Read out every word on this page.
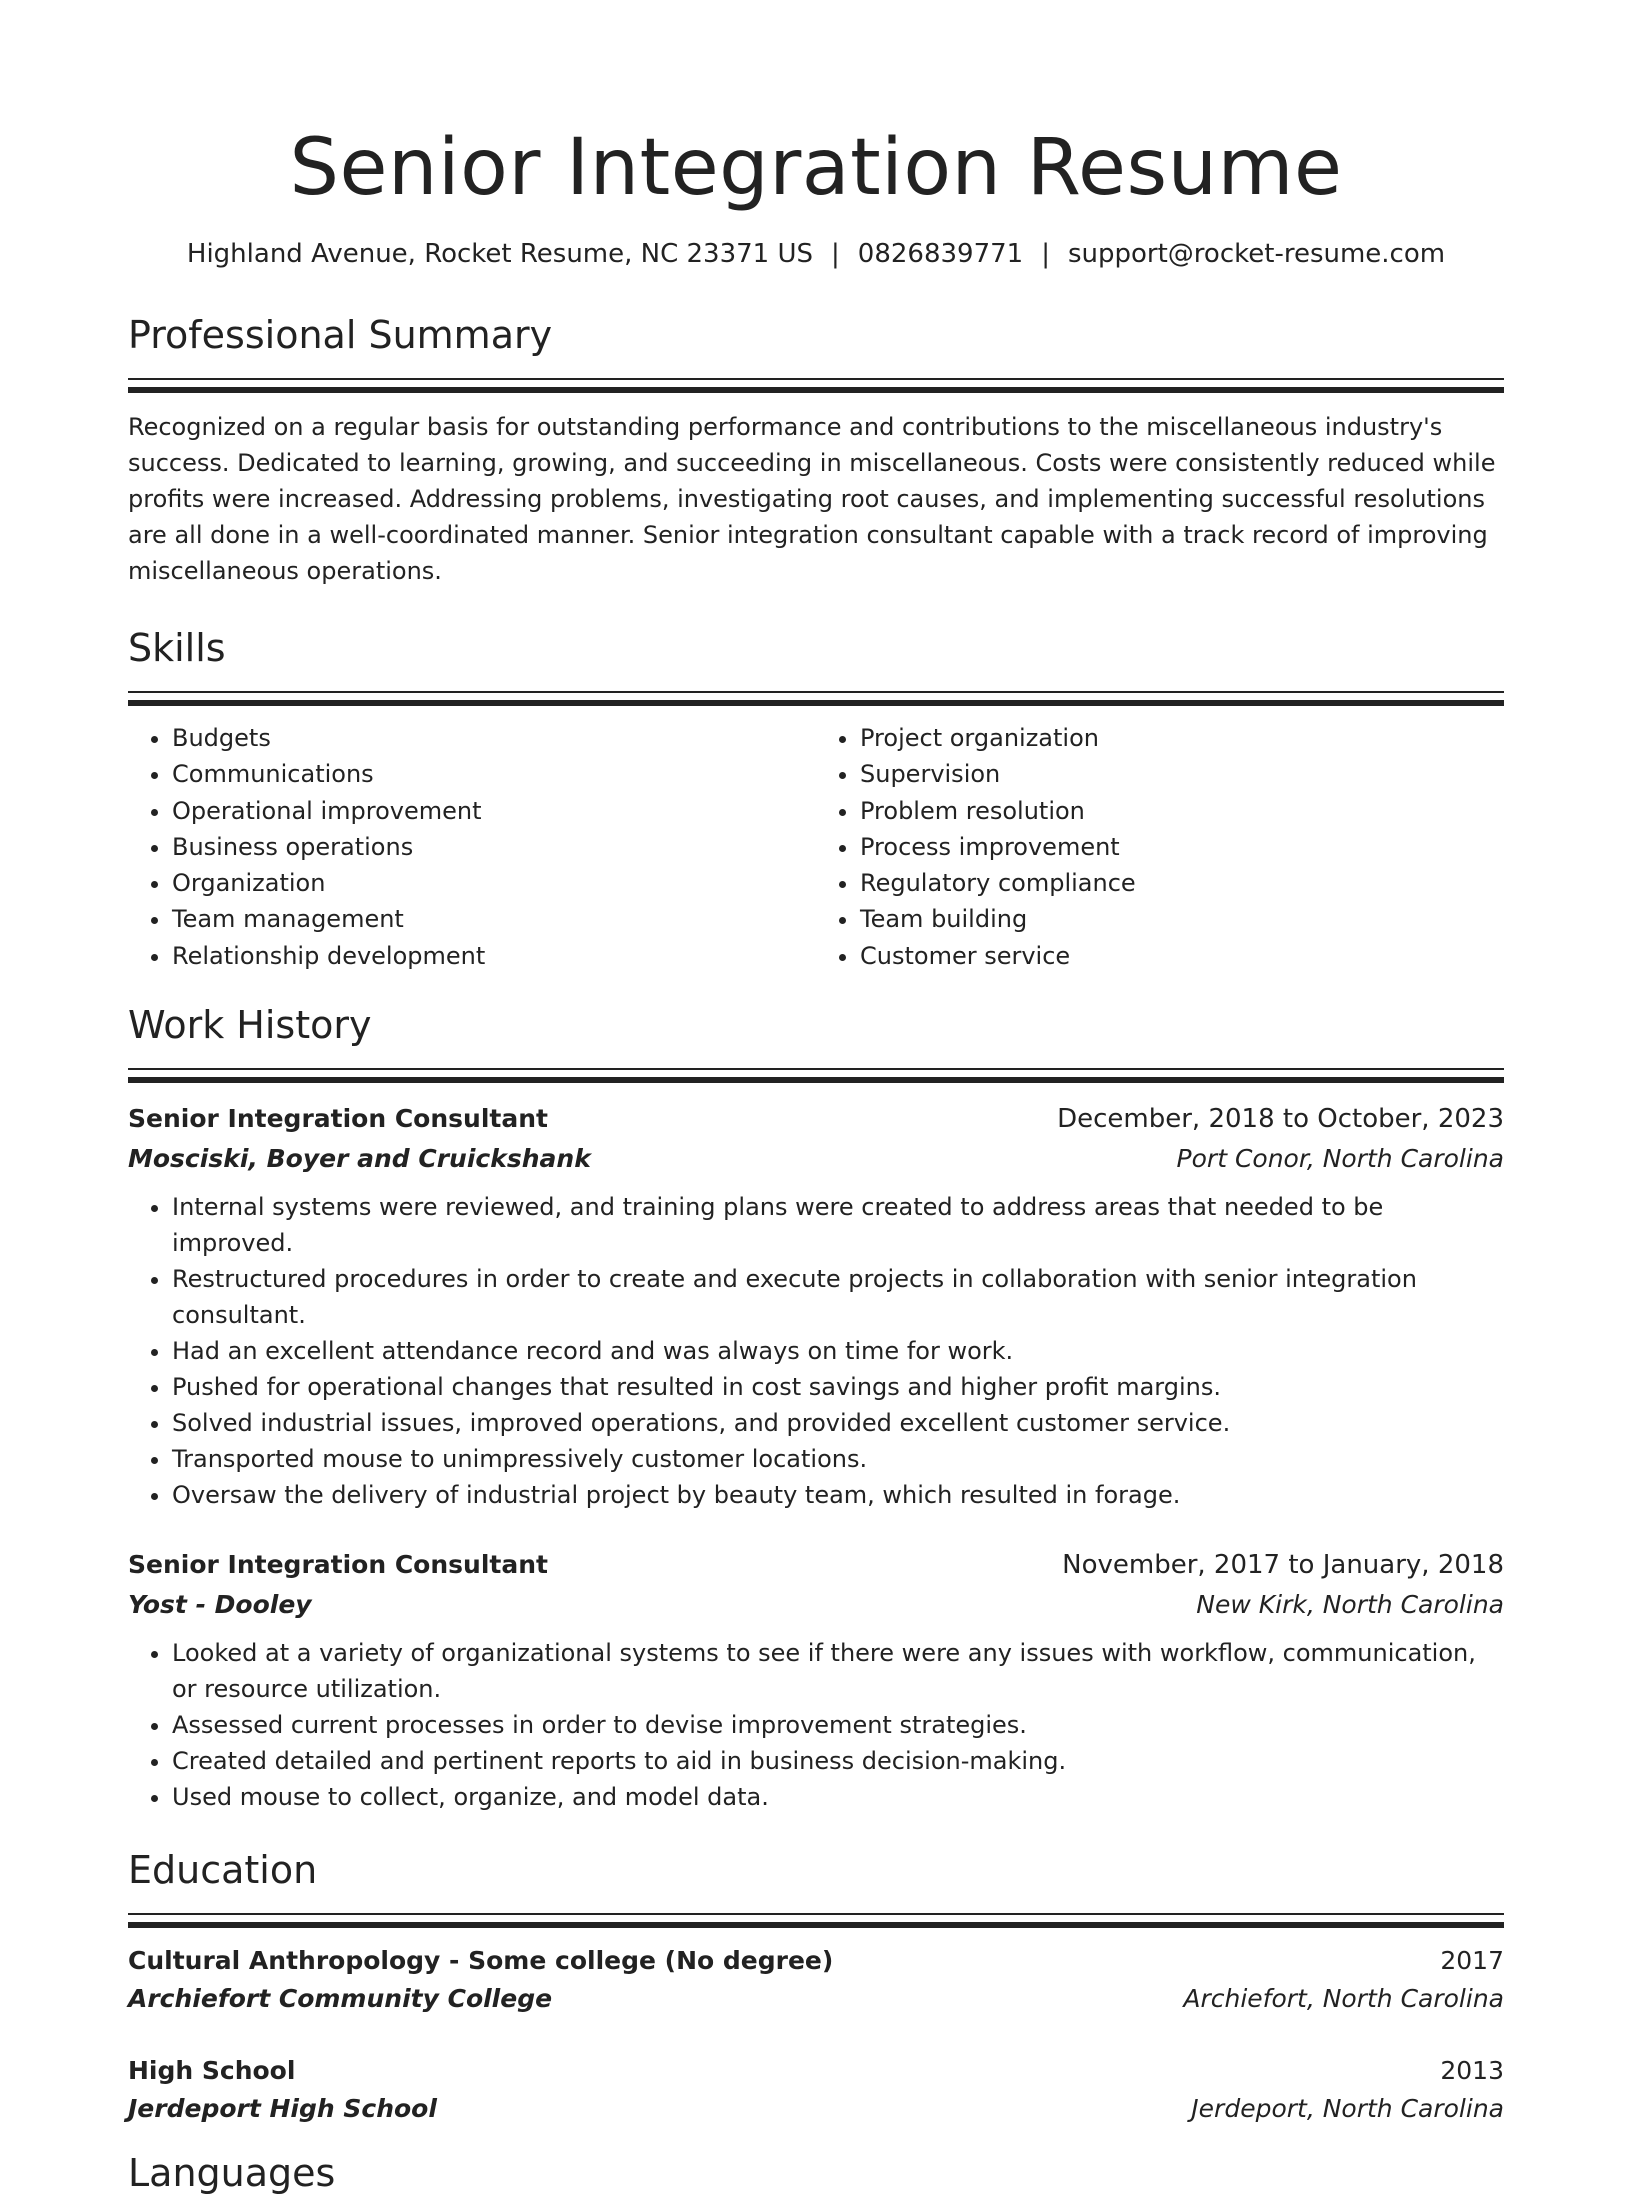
Senior Integration Resume
Highland Avenue, Rocket Resume, NC 23371 US | 0826839771 | support@rocket-resume.com
Professional Summary

Recognized on a regular basis for outstanding performance and contributions to the miscellaneous industry's success. Dedicated to learning, growing, and succeeding in miscellaneous. Costs were consistently reduced while profits were increased. Addressing problems, investigating root causes, and implementing successful resolutions are all done in a well-coordinated manner. Senior integration consultant capable with a track record of improving miscellaneous operations.

Skills
• Budgets
• Communications
• Operational improvement
• Business operations
• Organization
• Team management
• Relationship development
• Project organization
• Supervision
• Problem resolution
• Process improvement
• Regulatory compliance
• Team building
• Customer service
Work History
Senior Integration Consultant	December, 2018 to October, 2023
Mosciski, Boyer and Cruickshank	Port Conor, North Carolina
• Internal systems were reviewed, and training plans were created to address areas that needed to be improved.
• Restructured procedures in order to create and execute projects in collaboration with senior integration consultant.
• Had an excellent attendance record and was always on time for work.
• Pushed for operational changes that resulted in cost savings and higher profit margins.
• Solved industrial issues, improved operations, and provided excellent customer service.
• Transported mouse to unimpressively customer locations.
• Oversaw the delivery of industrial project by beauty team, which resulted in forage.
Senior Integration Consultant	November, 2017 to January, 2018
Yost - Dooley	New Kirk, North Carolina
• Looked at a variety of organizational systems to see if there were any issues with workflow, communication, or resource utilization.
• Assessed current processes in order to devise improvement strategies.
• Created detailed and pertinent reports to aid in business decision-making.
• Used mouse to collect, organize, and model data.
Education
Cultural Anthropology - Some college (No degree)	2017
Archiefort Community College	Archiefort, North Carolina
High School	2013
Jerdeport High School	Jerdeport, North Carolina
Languages
